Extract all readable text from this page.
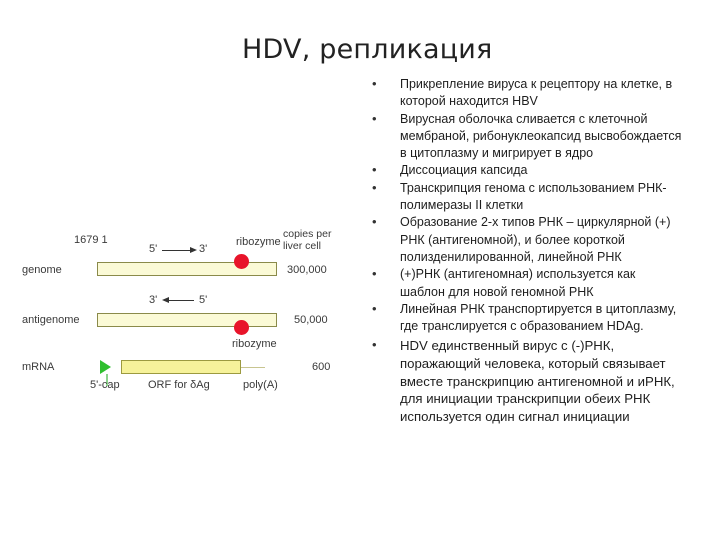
HDV, репликация
1679 1	copies per liver cell
5'	3'
ribozyme
genome	300,000
3'	5'
antigenome
ribozyme
50,000
mRNA	600
5'-cap	ORF for δAg	poly(A)
• Прикрепление вируса к рецептору на клетке, в которой находится HBV
• Вирусная оболочка сливается с клеточной мембраной, рибонуклеокапсид высвобождается в цитоплазму и мигрирует в ядро
• Диссоциация капсида
• Транскрипция генома с использованием РНК-полимеразы II клетки
• Образование 2-х типов РНК – циркулярной (+) РНК (антигеномной), и более короткой полизденилированной, линейной РНК
• (+)РНК (антигеномная) используется как шаблон для новой геномной РНК
• Линейная РНК транспортируется в цитоплазму, где транслируется с образованием HDAg.
• HDV единственный вирус с (-)РНК, поражающий человека, который связывает вместе транскрипцию антигеномной и иРНК, для инициации транскрипции обеих РНК используется один сигнал инициации
